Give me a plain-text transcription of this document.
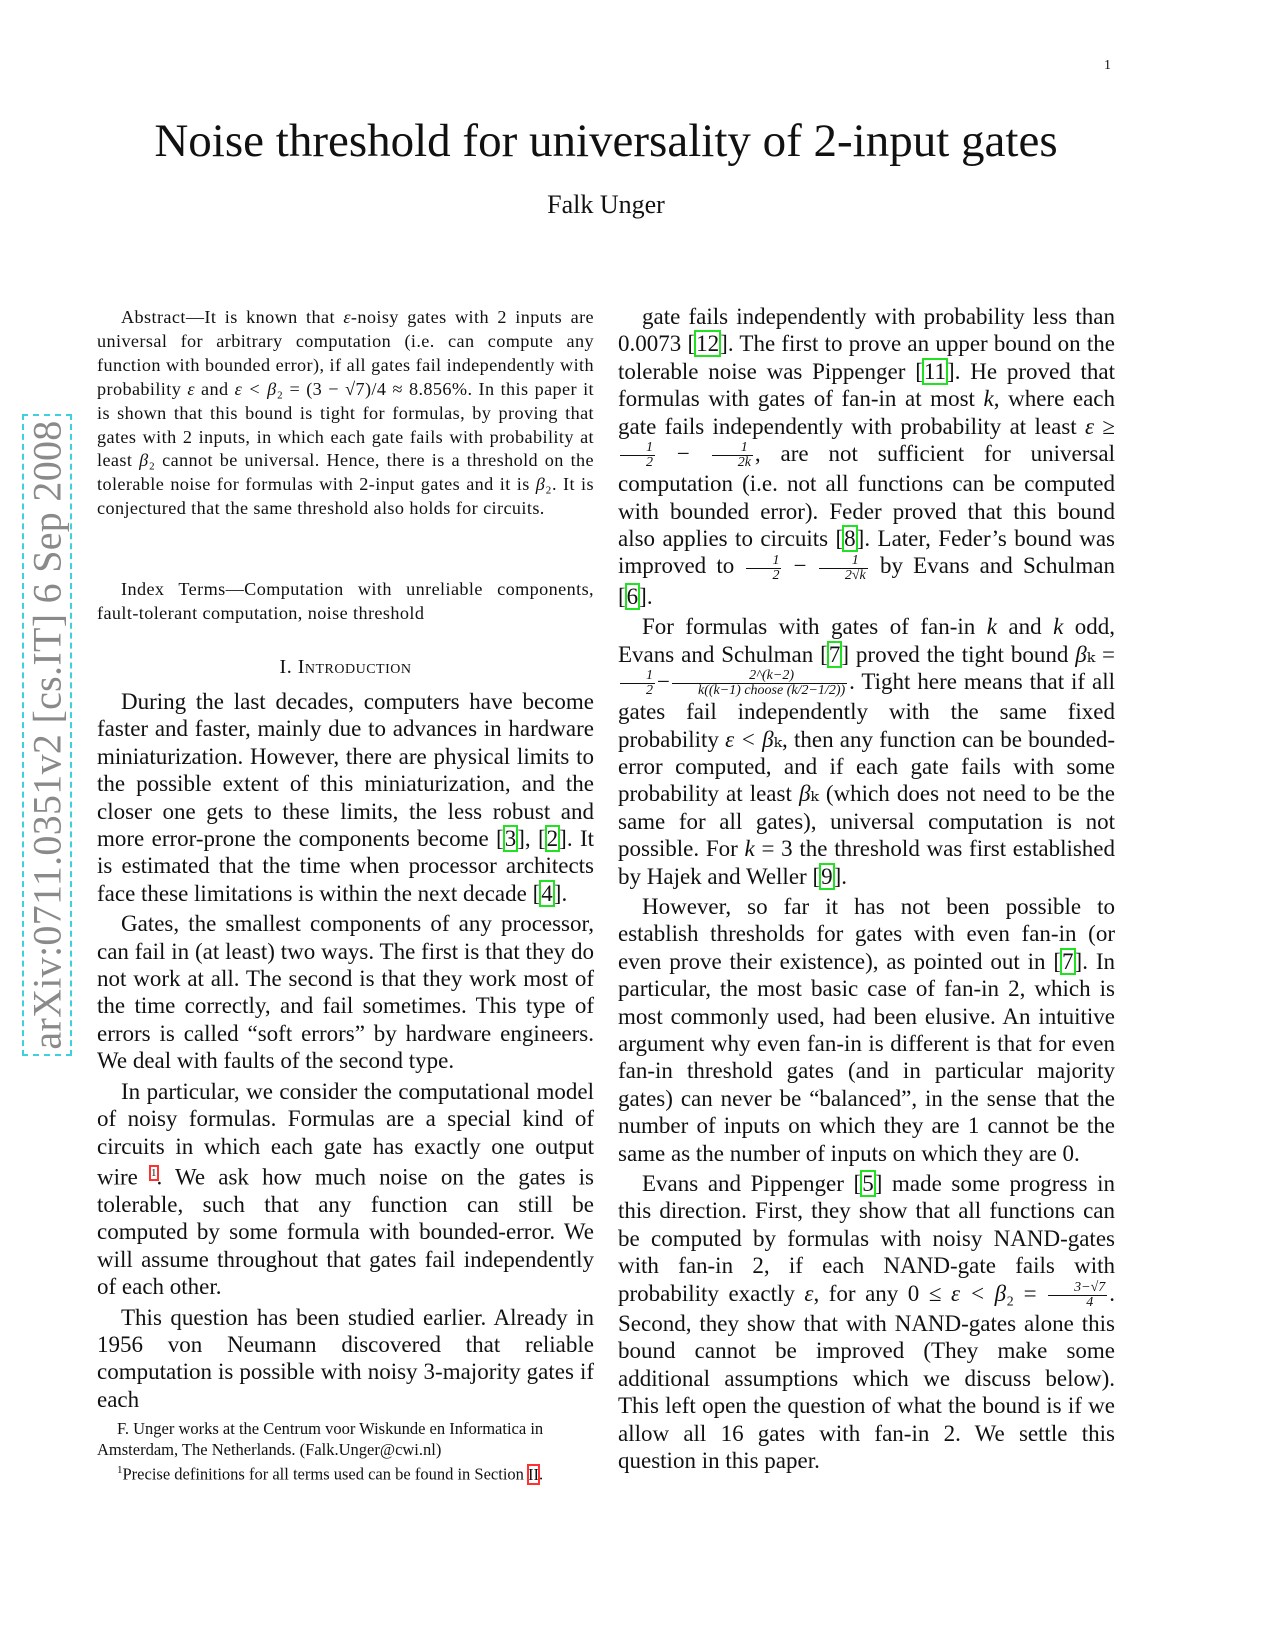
1
Noise threshold for universality of 2-input gates
Falk Unger
arXiv:0711.0351v2 [cs.IT] 6 Sep 2008

Abstract—It is known that ε-noisy gates with 2 inputs are universal for arbitrary computation (i.e. can compute any function with bounded error), if all gates fail independently with probability ε and ε < β₂ = (3 − √7)/4 ≈ 8.856%. In this paper it is shown that this bound is tight for formulas, by proving that gates with 2 inputs, in which each gate fails with probability at least β₂ cannot be universal. Hence, there is a threshold on the tolerable noise for formulas with 2-input gates and it is β₂. It is conjectured that the same threshold also holds for circuits.

Index Terms—Computation with unreliable components, fault-tolerant computation, noise threshold

I. Introduction

During the last decades, computers have become faster and faster, mainly due to advances in hardware miniaturization. However, there are physical limits to the possible extent of this miniaturization, and the closer one gets to these limits, the less robust and more error-prone the components become [3], [2]. It is estimated that the time when processor architects face these limitations is within the next decade [4].

Gates, the smallest components of any processor, can fail in (at least) two ways. The first is that they do not work at all. The second is that they work most of the time correctly, and fail sometimes. This type of errors is called “soft errors” by hardware engineers. We deal with faults of the second type.

In particular, we consider the computational model of noisy formulas. Formulas are a special kind of circuits in which each gate has exactly one output wire $^1$. We ask how much noise on the gates is tolerable, such that any function can still be computed by some formula with bounded-error. We will assume throughout that gates fail independently of each other.

This question has been studied earlier. Already in 1956 von Neumann discovered that reliable computation is possible with noisy 3-majority gates if each

gate fails independently with probability less than 0.0073 [12]. The first to prove an upper bound on the tolerable noise was Pippenger [11]. He proved that formulas with gates of fan-in at most k, where each gate fails independently with probability at least ε ≥
$\frac{1}{2} - \frac{1}{2k}$ , are not sufficient for universal computation (i.e. not all functions can be computed with bounded error). Feder proved that this bound also applies to circuits [8]. Later, Feder’s bound was improved to $\frac{1}{2} - \frac{1}{2√k}$ by Evans and Schulman [6].

For formulas with gates of fan-in k and k odd, Evans and Schulman [7] proved the tight bound βₖ =
$\frac{1}{2} - \frac{2\^{}(k-2)}{\text{k((k−1) choose (k/2−1/2))}}$ . Tight here means that if all gates fail independently with the same fixed probability ε < βₖ, then any function can be bounded-error computed, and if each gate fails with some probability at least βₖ (which does not need to be the same for all gates), universal computation is not possible. For k = 3 the threshold was first established by Hajek and Weller [9].

However, so far it has not been possible to establish thresholds for gates with even fan-in (or even prove their existence), as pointed out in [7]. In particular, the most basic case of fan-in 2, which is most commonly used, had been elusive. An intuitive argument why even fan-in is different is that for even fan-in threshold gates (and in particular majority gates) can never be “balanced”, in the sense that the number of inputs on which they are 1 cannot be the same as the number of inputs on which they are 0.

Evans and Pippenger [5] made some progress in this direction. First, they show that all functions can be computed by formulas with noisy NAND-gates with fan-in 2, if each NAND-gate fails with probability exactly ε, for any $0 \le \varepsilon < \beta_2 = \frac{3-√7}{4}$ . Second, they show that with NAND-gates alone this bound cannot be improved (They make some additional assumptions which we discuss below). This left open the question of what the bound is if we allow all 16 gates with fan-in 2. We settle this question in this paper.

F. Unger works at the Centrum voor Wiskunde en Informatica in Amsterdam, The Netherlands. (Falk.Unger@cwi.nl)

$^1$Precise definitions for all terms used can be found in Section II.
